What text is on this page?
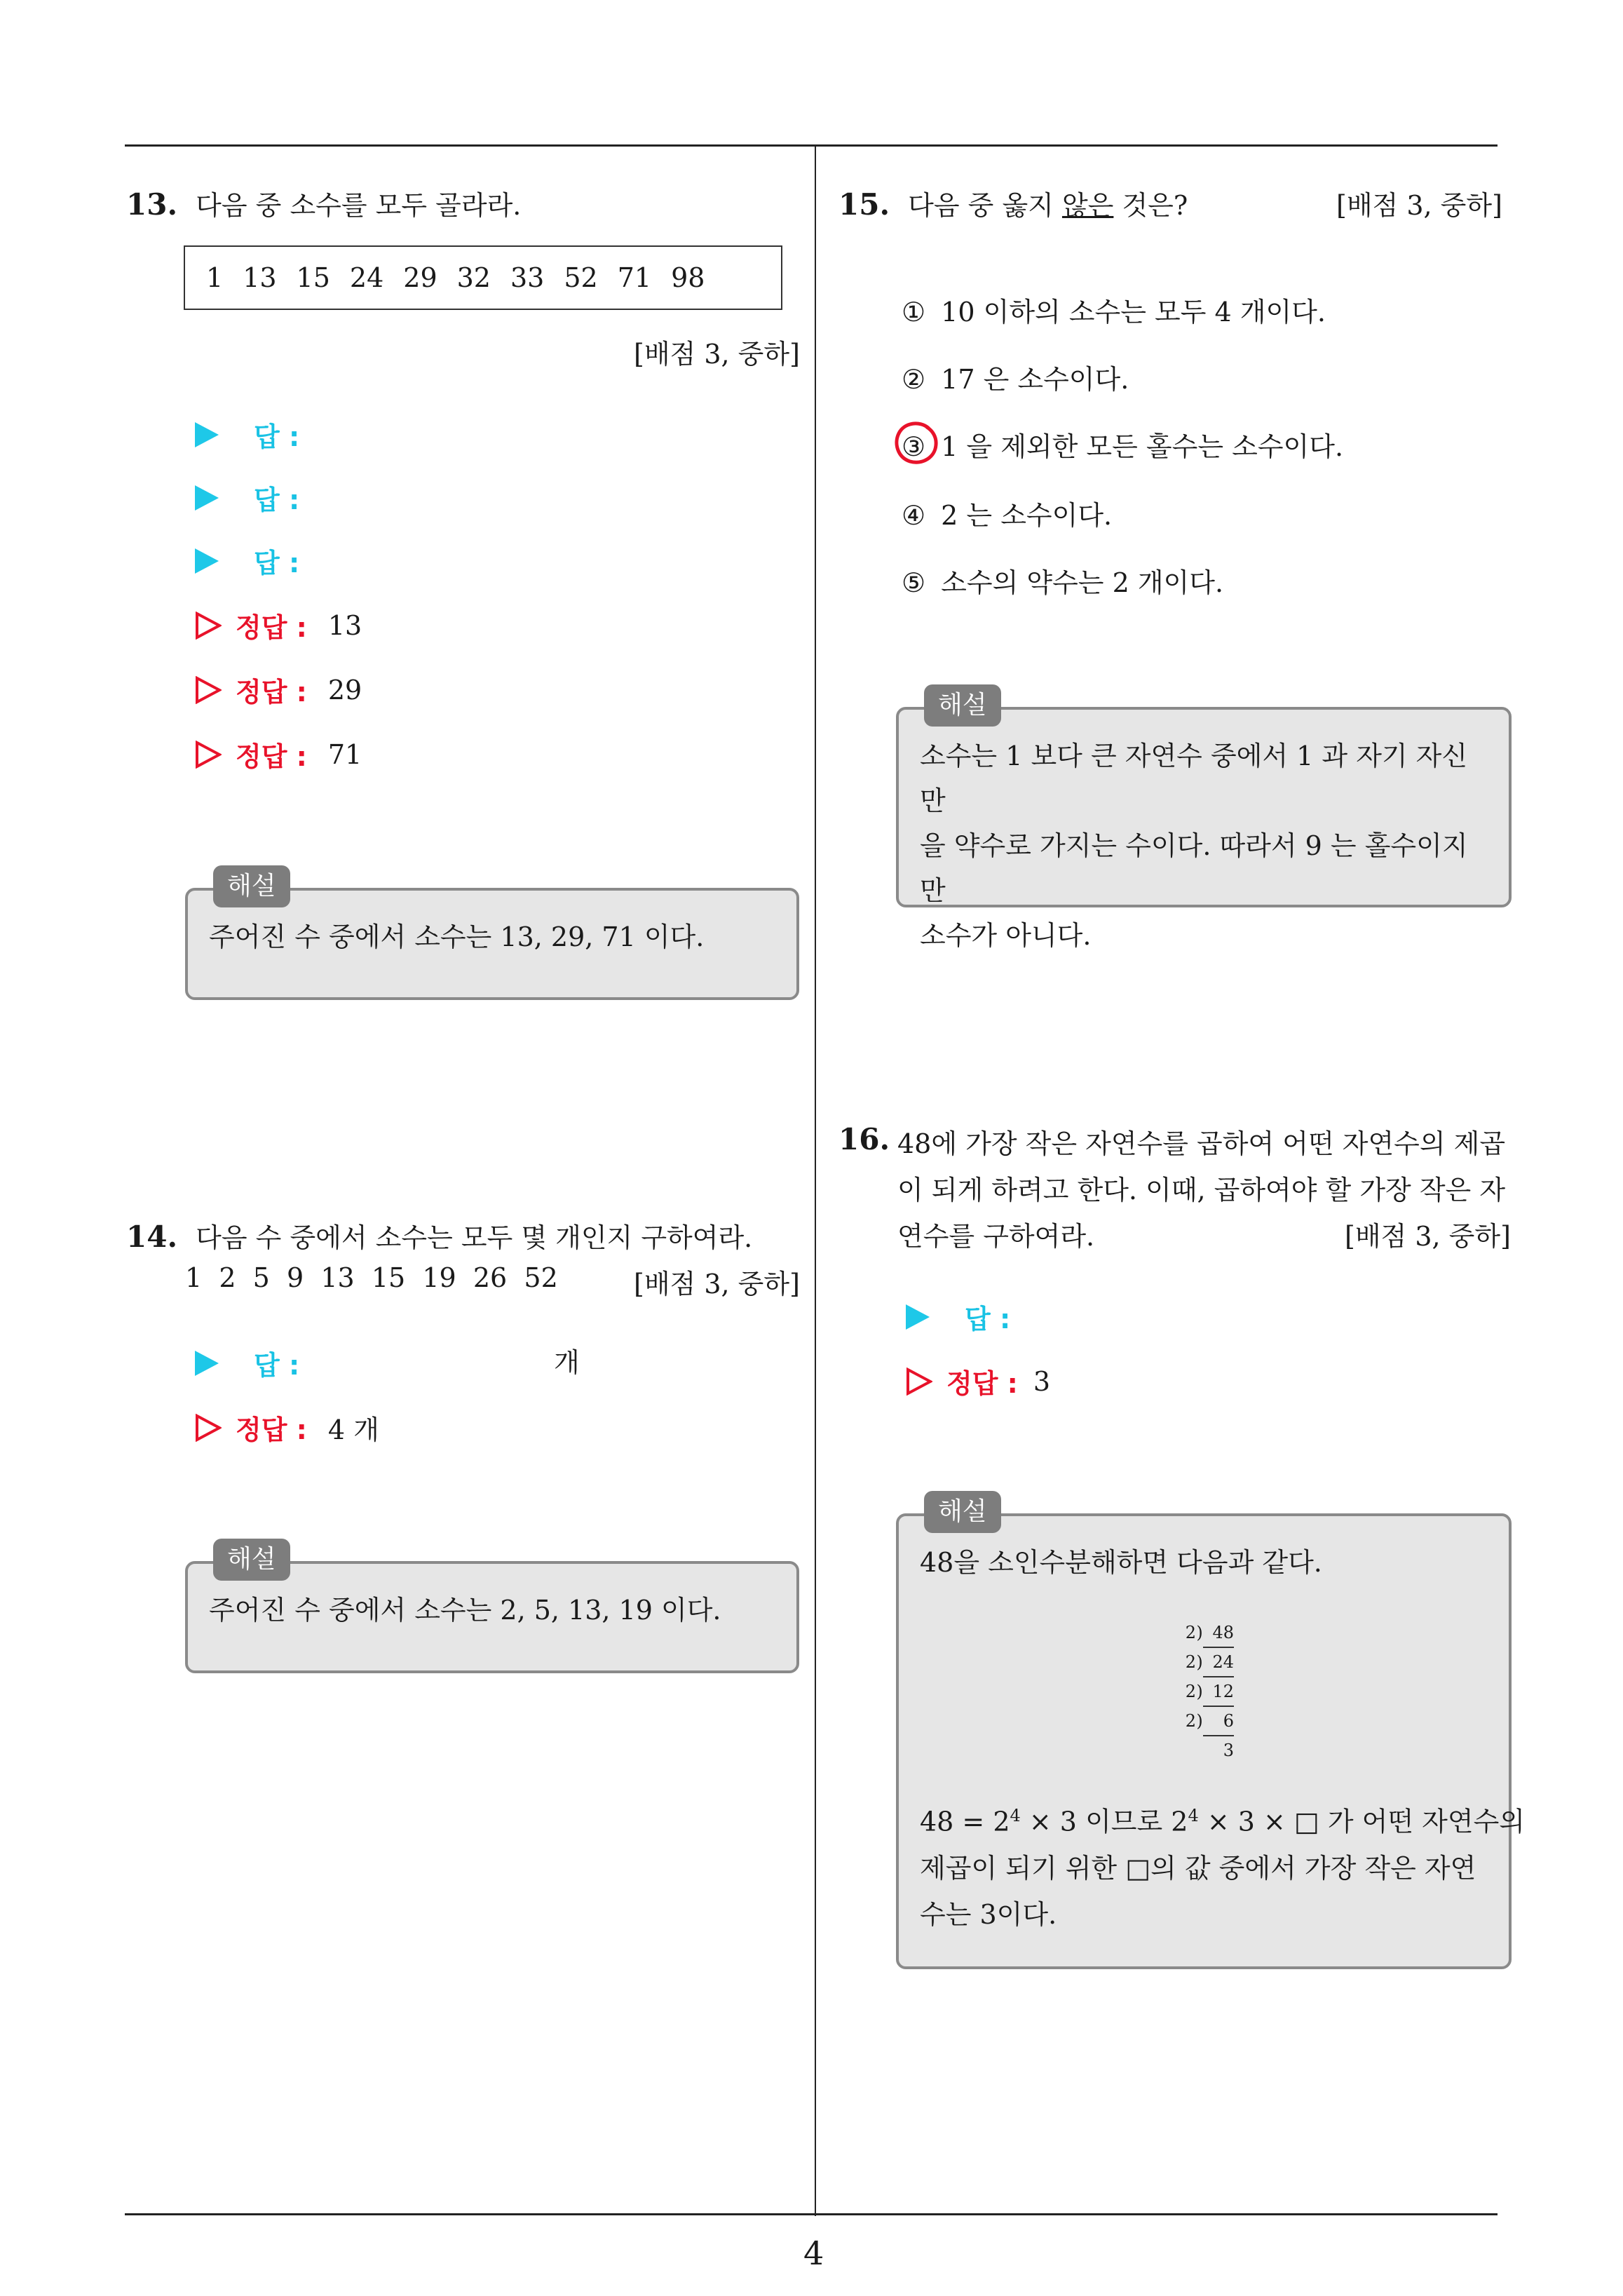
4
13. 다음 중 소수를 모두 골라라.
1 13 15 24 29 32 33 52 71 98
[배점 3, 중하]
답 :
답 :
답 :
정답 : 13
정답 : 29
정답 : 71
해설
주어진 수 중에서 소수는 13, 29, 71 이다.
14. 다음 수 중에서 소수는 모두 몇 개인지 구하여라.
1  2  5  9  13  15  19  26  52	[배점 3, 중하]
답 :	개
정답 : 4 개
해설
주어진 수 중에서 소수는 2, 5, 13, 19 이다.
15. 다음 중 옳지 않은 것은?	[배점 3, 중하]
① 10 이하의 소수는 모두 4 개이다.
② 17 은 소수이다.
③ 1 을 제외한 모든 홀수는 소수이다.
④ 2 는 소수이다.
⑤ 소수의 약수는 2 개이다.
해설
소수는 1 보다 큰 자연수 중에서 1 과 자기 자신만
을 약수로 가지는 수이다. 따라서 9 는 홀수이지만
소수가 아니다.
16. 48에 가장 작은 자연수를 곱하여 어떤 자연수의 제곱
이 되게 하려고 한다. 이때, 곱하여야 할 가장 작은 자
연수를 구하여라.	[배점 3, 중하]
답 :
정답 : 3
해설
48을 소인수분해하면 다음과 같다.
2 ) 48
2 ) 24
2 ) 12
2 )	6
3
$48 = 2^4 \times 3$ 이므로 $2^4 \times 3$ × □ 가 어떤 자연수의
제곱이 되기 위한 □의 값 중에서 가장 작은 자연
수는 3이다.
